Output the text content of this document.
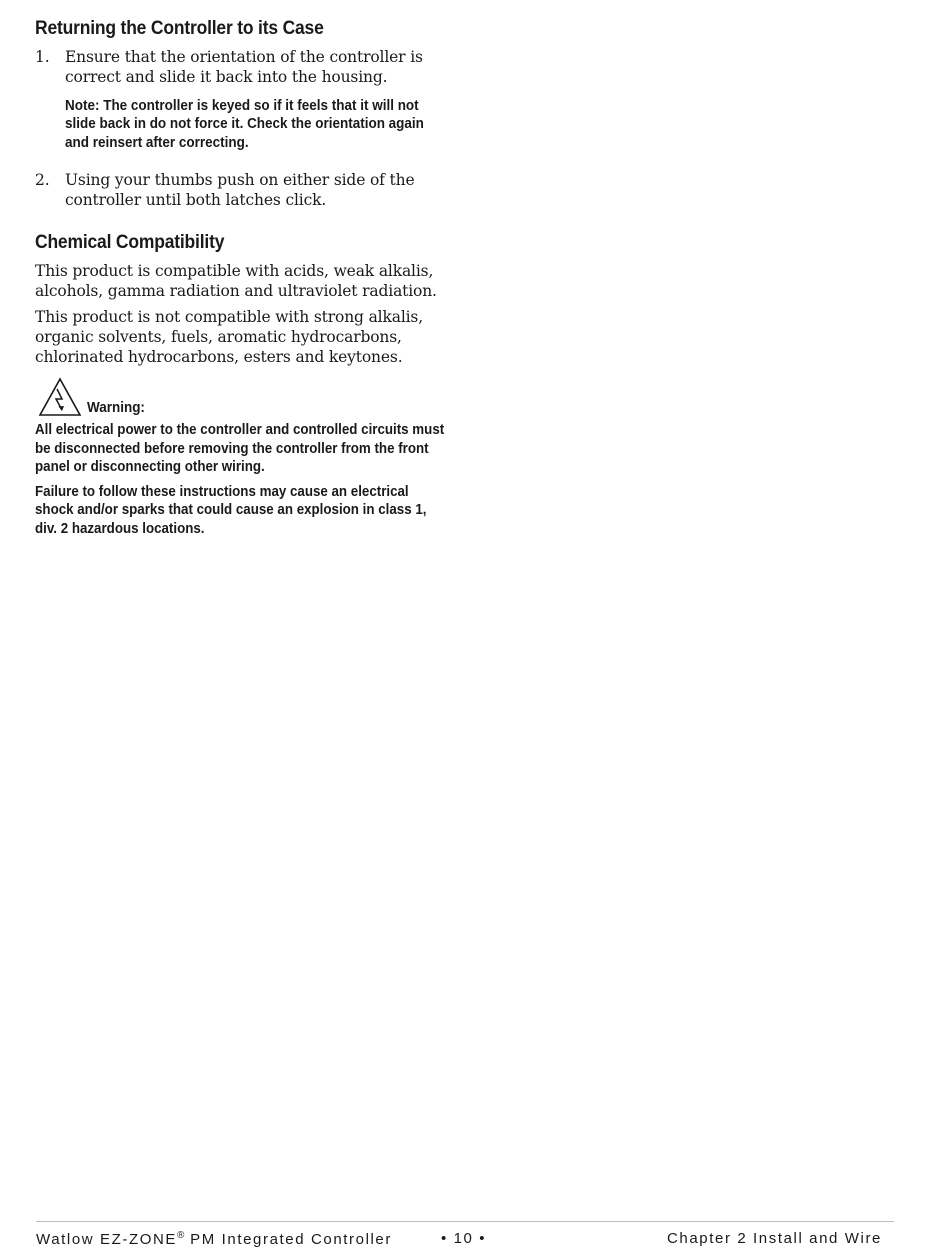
Returning the Controller to its Case
1.	Ensure that the orientation of the controller is correct and slide it back into the housing.
Note: The controller is keyed so if it feels that it will not slide back in do not force it. Check the orientation again and reinsert after correcting.
2.	Using your thumbs push on either side of the controller until both latches click.
Chemical Compatibility

This product is compatible with acids, weak alkalis, alcohols, gamma radiation and ultraviolet radiation.

This product is not compatible with strong alkalis, organic solvents, fuels, aromatic hydrocarbons, chlorinated hydrocarbons, esters and keytones.

Warning:

All electrical power to the controller and controlled circuits must be disconnected before removing the controller from the front panel or disconnecting other wiring.

Failure to follow these instructions may cause an electrical shock and/or sparks that could cause an explosion in class 1, div. 2 hazardous locations.

Watlow EZ-ZONE® PM Integrated Controller	• 10 •	Chapter 2 Install and Wire
